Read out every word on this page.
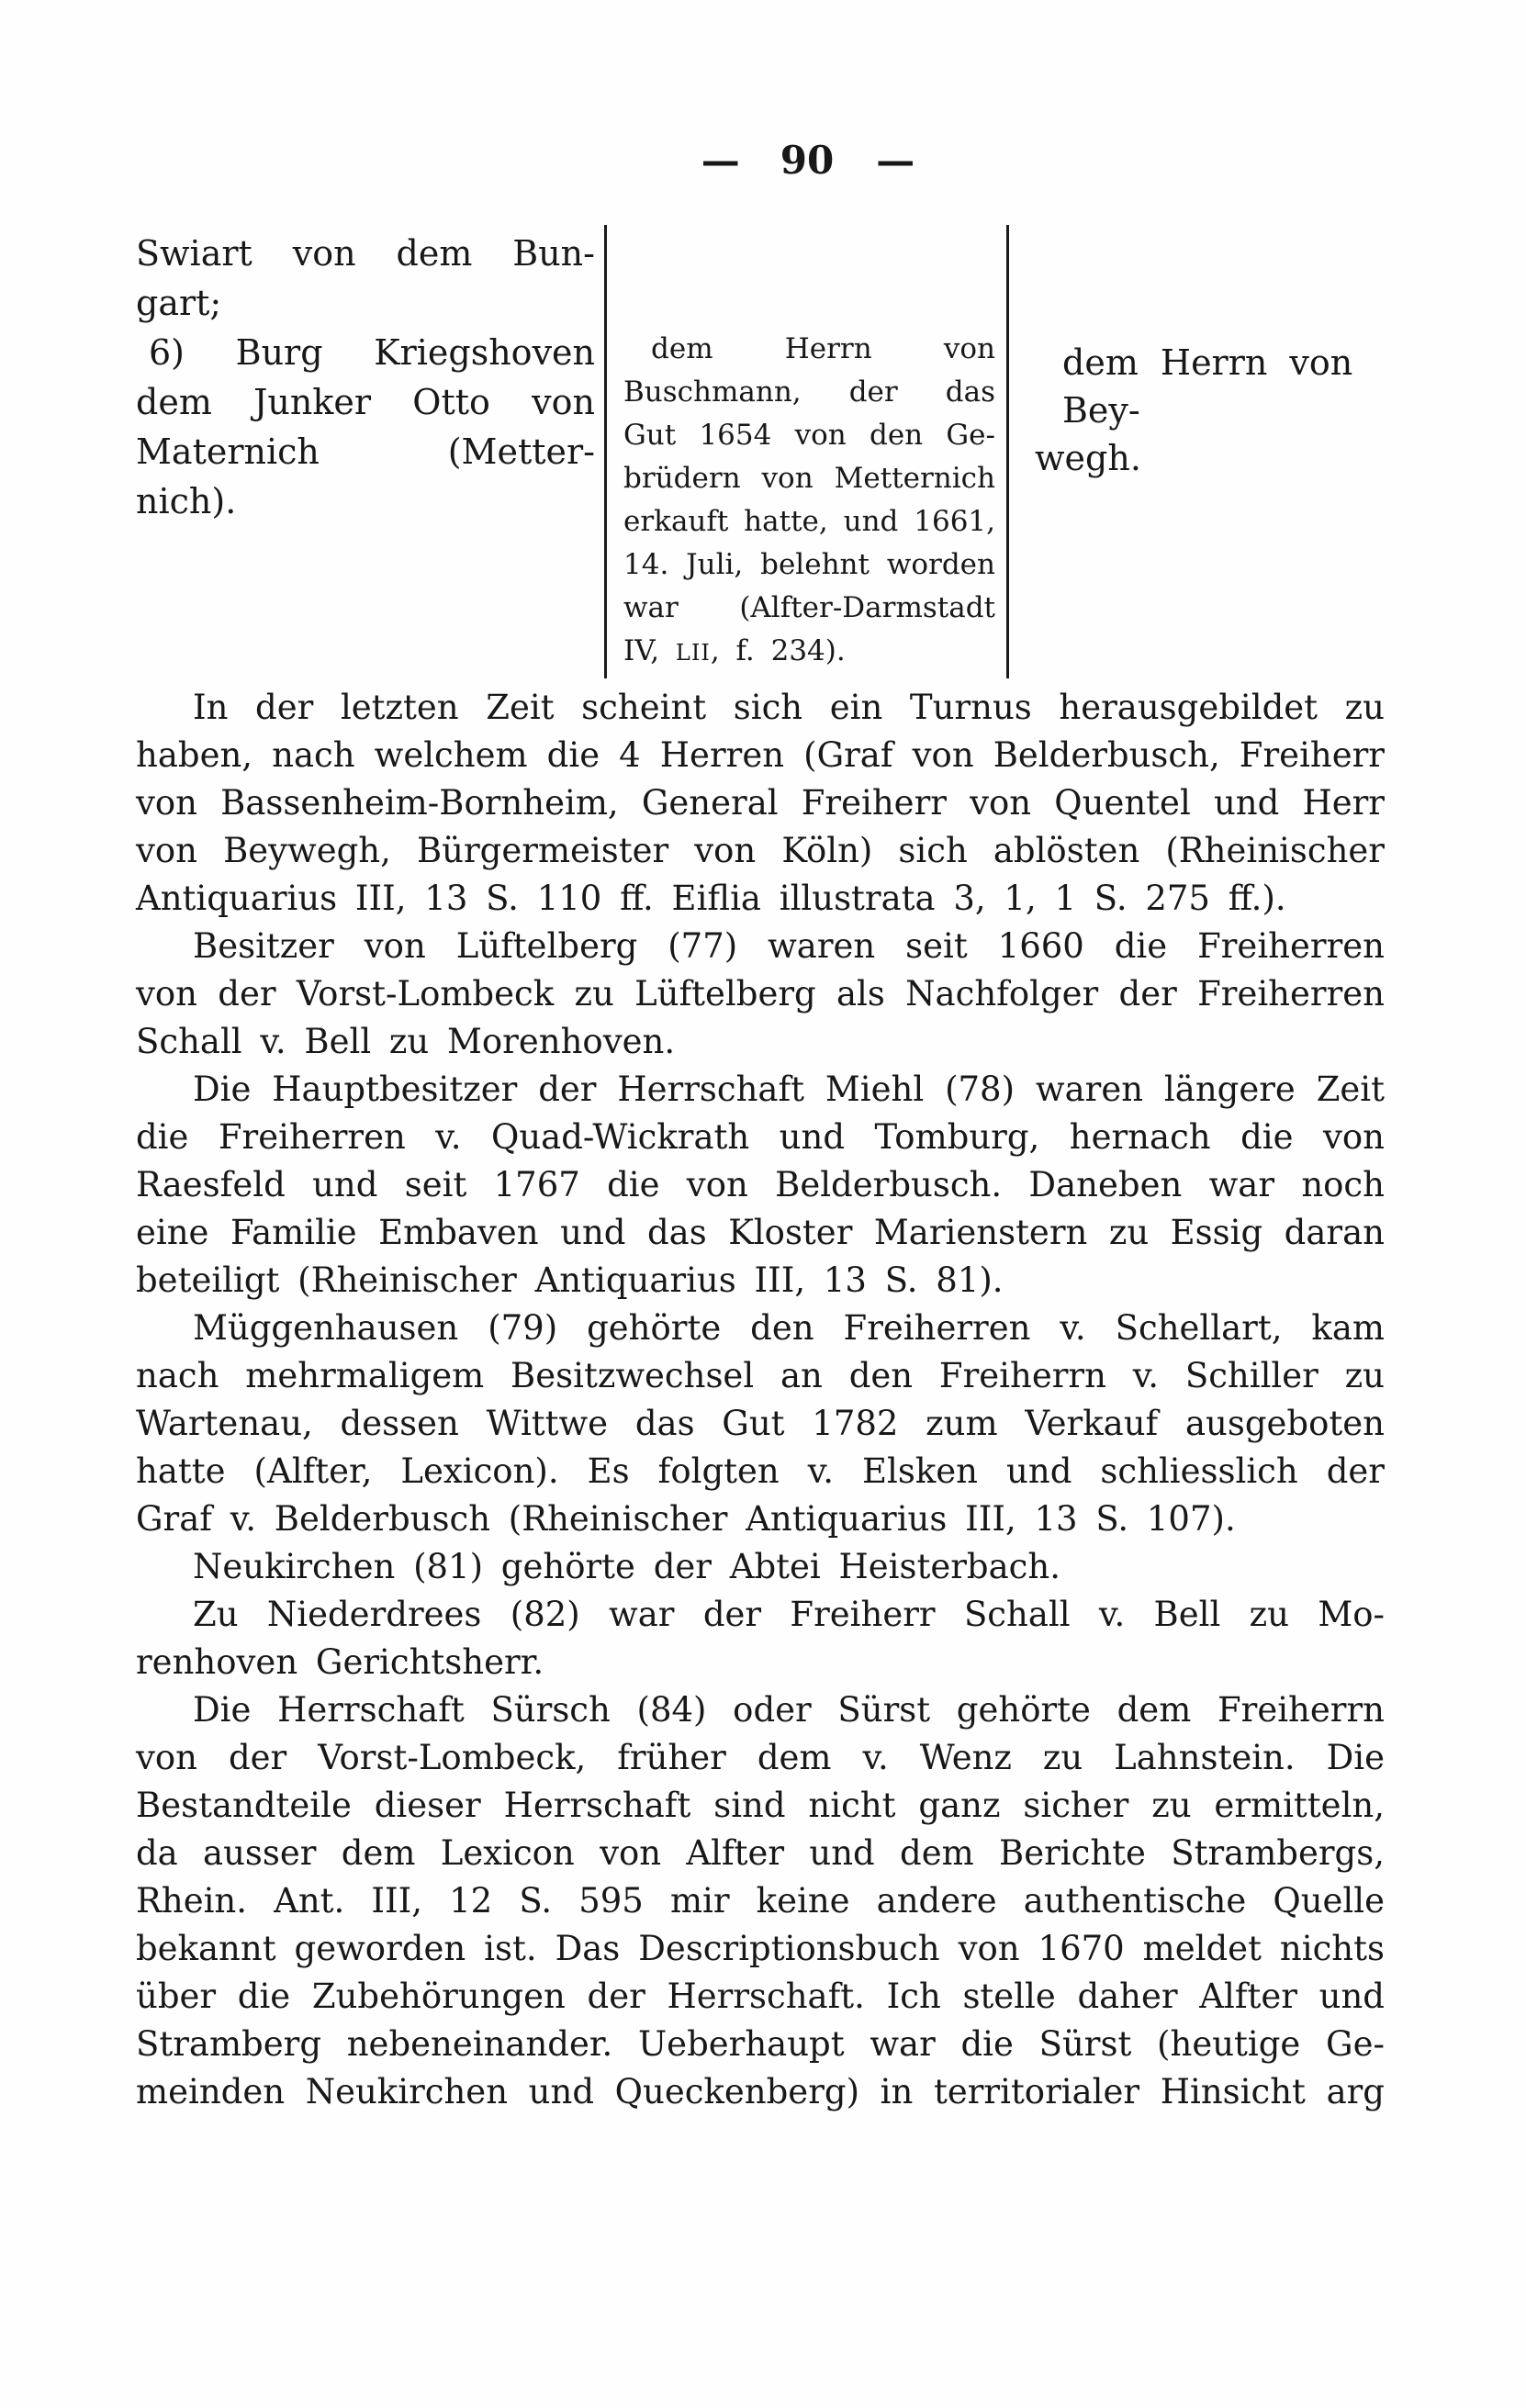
— 90 —
Swiart von dem Bun-
gart;
6) Burg Kriegshoven
dem Junker Otto von
Maternich (Metter-
nich).
dem Herrn von
Buschmann, der das
Gut 1654 von den Ge-
brüdern von Metternich
erkauft hatte, und 1661,
14. Juli, belehnt worden
war (Alfter-Darmstadt
IV, LII, f. 234).
dem Herrn von Bey-
wegh.
In der letzten Zeit scheint sich ein Turnus herausgebildet zu
haben, nach welchem die 4 Herren (Graf von Belderbusch, Freiherr
von Bassenheim-Bornheim, General Freiherr von Quentel und Herr
von Beywegh, Bürgermeister von Köln) sich ablösten (Rheinischer
Antiquarius III, 13 S. 110 ff. Eiflia illustrata 3, 1, 1 S. 275 ff.).
Besitzer von Lüftelberg (77) waren seit 1660 die Freiherren
von der Vorst-Lombeck zu Lüftelberg als Nachfolger der Freiherren
Schall v. Bell zu Morenhoven.
Die Hauptbesitzer der Herrschaft Miehl (78) waren längere Zeit
die Freiherren v. Quad-Wickrath und Tomburg, hernach die von
Raesfeld und seit 1767 die von Belderbusch. Daneben war noch
eine Familie Embaven und das Kloster Marienstern zu Essig daran
beteiligt (Rheinischer Antiquarius III, 13 S. 81).
Müggenhausen (79) gehörte den Freiherren v. Schellart, kam
nach mehrmaligem Besitzwechsel an den Freiherrn v. Schiller zu
Wartenau, dessen Wittwe das Gut 1782 zum Verkauf ausgeboten
hatte (Alfter, Lexicon). Es folgten v. Elsken und schliesslich der
Graf v. Belderbusch (Rheinischer Antiquarius III, 13 S. 107).
Neukirchen (81) gehörte der Abtei Heisterbach.
Zu Niederdrees (82) war der Freiherr Schall v. Bell zu Mo-
renhoven Gerichtsherr.
Die Herrschaft Sürsch (84) oder Sürst gehörte dem Freiherrn
von der Vorst-Lombeck, früher dem v. Wenz zu Lahnstein. Die
Bestandteile dieser Herrschaft sind nicht ganz sicher zu ermitteln,
da ausser dem Lexicon von Alfter und dem Berichte Strambergs,
Rhein. Ant. III, 12 S. 595 mir keine andere authentische Quelle
bekannt geworden ist. Das Descriptionsbuch von 1670 meldet nichts
über die Zubehörungen der Herrschaft. Ich stelle daher Alfter und
Stramberg nebeneinander. Ueberhaupt war die Sürst (heutige Ge-
meinden Neukirchen und Queckenberg) in territorialer Hinsicht arg
